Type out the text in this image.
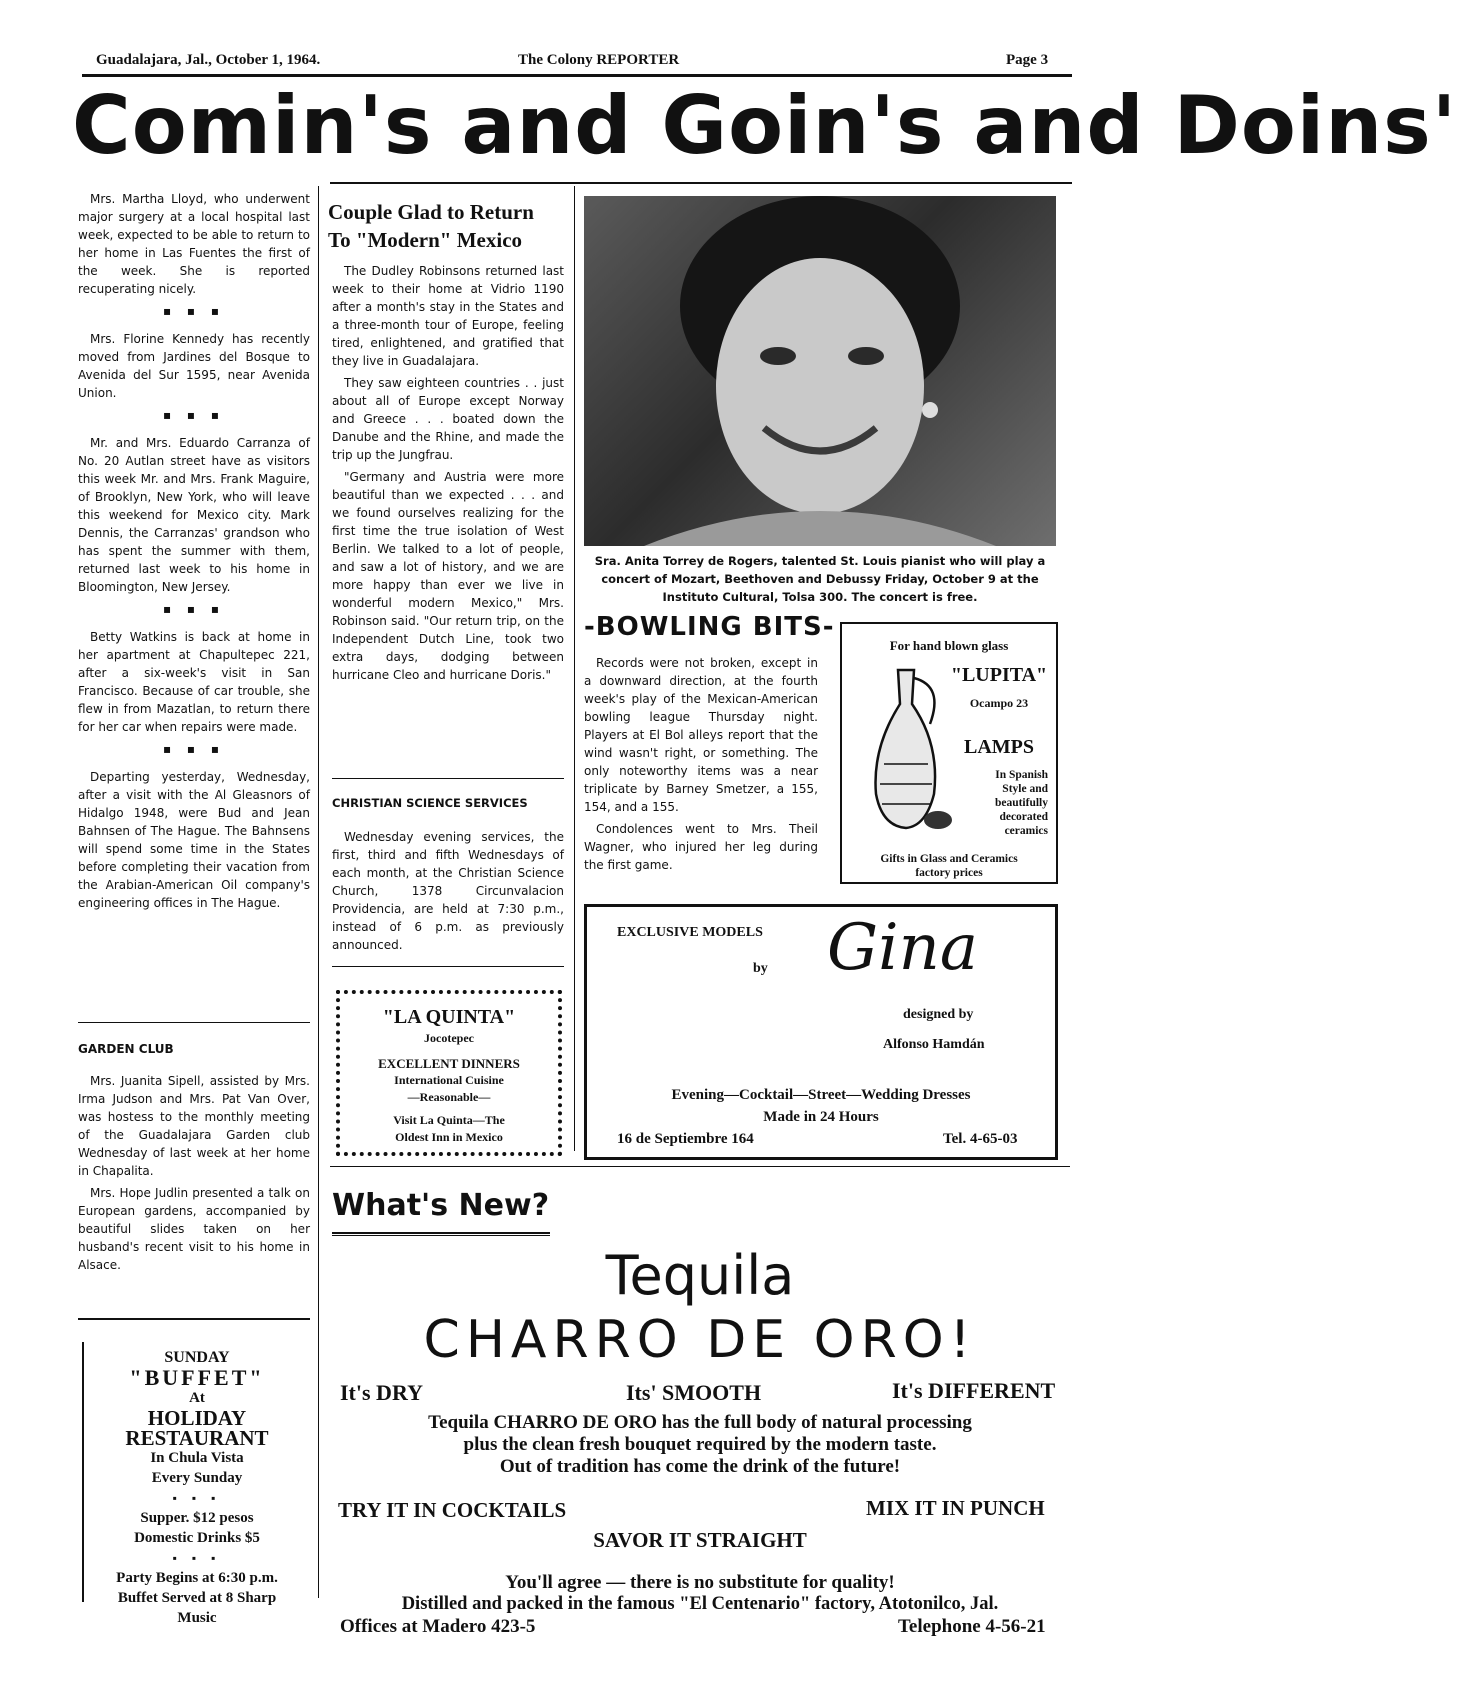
Guadalajara, Jal., October 1, 1964.	The Colony REPORTER	Page 3
Comin's and Goin's and Doins'

Mrs. Martha Lloyd, who underwent major surgery at a local hospital last week, expected to be able to return to her home in Las Fuentes the first of the week. She is reported recuperating nicely.

▪ ▪ ▪

Mrs. Florine Kennedy has recently moved from Jardines del Bosque to Avenida del Sur 1595, near Avenida Union.

▪ ▪ ▪

Mr. and Mrs. Eduardo Carranza of No. 20 Autlan street have as visitors this week Mr. and Mrs. Frank Maguire, of Brooklyn, New York, who will leave this weekend for Mexico city. Mark Dennis, the Carranzas' grandson who has spent the summer with them, returned last week to his home in Bloomington, New Jersey.

▪ ▪ ▪

Betty Watkins is back at home in her apartment at Chapultepec 221, after a six-week's visit in San Francisco. Because of car trouble, she flew in from Mazatlan, to return there for her car when repairs were made.

▪ ▪ ▪

Departing yesterday, Wednesday, after a visit with the Al Gleasnors of Hidalgo 1948, were Bud and Jean Bahnsen of The Hague. The Bahnsens will spend some time in the States before completing their vacation from the Arabian-American Oil company's engineering offices in The Hague.

GARDEN CLUB

Mrs. Juanita Sipell, assisted by Mrs. Irma Judson and Mrs. Pat Van Over, was hostess to the monthly meeting of the Guadalajara Garden club Wednesday of last week at her home in Chapalita.

Mrs. Hope Judlin presented a talk on European gardens, accompanied by beautiful slides taken on her husband's recent visit to his home in Alsace.

SUNDAY
"BUFFET"
At
HOLIDAY
RESTAURANT
In Chula Vista
Every Sunday
▪ ▪ ▪
Supper. $12 pesos
Domestic Drinks $5
▪ ▪ ▪
Party Begins at 6:30 p.m.
Buffet Served at 8 Sharp
Music
Couple Glad to Return
To "Modern" Mexico

The Dudley Robinsons returned last week to their home at Vidrio 1190 after a month's stay in the States and a three-month tour of Europe, feeling tired, enlightened, and gratified that they live in Guadalajara.

They saw eighteen countries . . just about all of Europe except Norway and Greece . . . boated down the Danube and the Rhine, and made the trip up the Jungfrau.

"Germany and Austria were more beautiful than we expected . . . and we found ourselves realizing for the first time the true isolation of West Berlin. We talked to a lot of people, and saw a lot of history, and we are more happy than ever we live in wonderful modern Mexico," Mrs. Robinson said. "Our return trip, on the Independent Dutch Line, took two extra days, dodging between hurricane Cleo and hurricane Doris."

CHRISTIAN SCIENCE SERVICES

Wednesday evening services, the first, third and fifth Wednesdays of each month, at the Christian Science Church, 1378 Circunvalacion Providencia, are held at 7:30 p.m., instead of 6 p.m. as previously announced.

"LA QUINTA"
Jocotepec
EXCELLENT DINNERS
International Cuisine
—Reasonable—
Visit La Quinta—The
Oldest Inn in Mexico
Sra. Anita Torrey de Rogers, talented St. Louis pianist who will play a concert of Mozart, Beethoven and Debussy Friday, October 9 at the Instituto Cultural, Tolsa 300. The concert is free.
-BOWLING BITS-

Records were not broken, except in a downward direction, at the fourth week's play of the Mexican-American bowling league Thursday night. Players at El Bol alleys report that the wind wasn't right, or something. The only noteworthy items was a near triplicate by Barney Smetzer, a 155, 154, and a 155.

Condolences went to Mrs. Theil Wagner, who injured her leg during the first game.

For hand blown glass
"LUPITA"
Ocampo 23
LAMPS
In Spanish
Style and
beautifully
decorated
ceramics
Gifts in Glass and Ceramics
factory prices
EXCLUSIVE MODELS
by Gina
designed by
Alfonso Hamdán
Evening—Cocktail—Street—Wedding Dresses
Made in 24 Hours
16 de Septiembre 164	Tel. 4-65-03
What's New?
Tequila
CHARRO DE ORO!
It's DRY	Its' SMOOTH	It's DIFFERENT
Tequila CHARRO DE ORO has the full body of natural processing
plus the clean fresh bouquet required by the modern taste.
Out of tradition has come the drink of the future!
TRY IT IN COCKTAILS	MIX IT IN PUNCH
SAVOR IT STRAIGHT
You'll agree — there is no substitute for quality!
Distilled and packed in the famous "El Centenario" factory, Atotonilco, Jal.
Offices at Madero 423-5	Telephone 4-56-21
